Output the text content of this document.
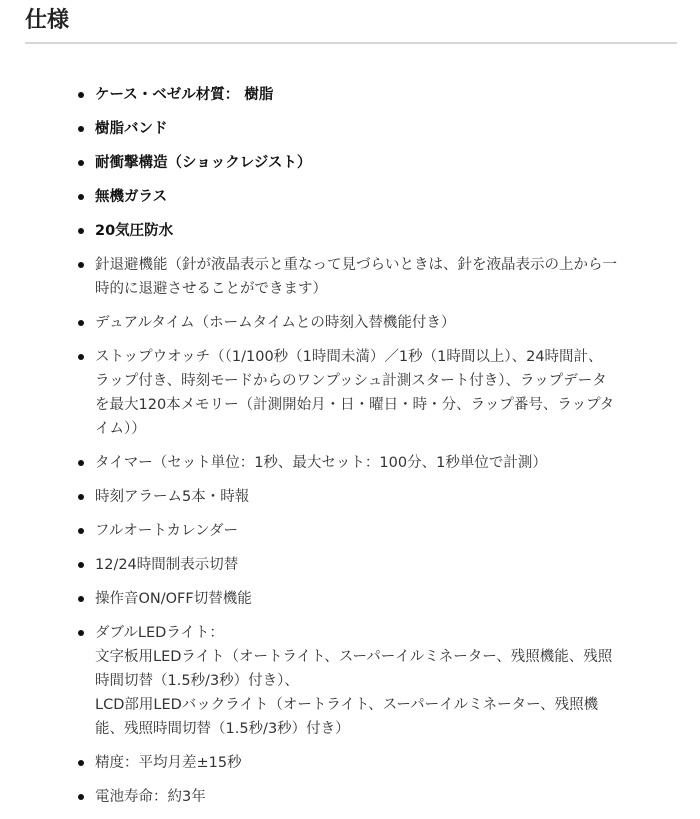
仕様
ケース・ベゼル材質： 樹脂
樹脂バンド
耐衝撃構造（ショックレジスト）
無機ガラス
20気圧防水
針退避機能（針が液晶表示と重なって見づらいときは、針を液晶表示の上から一
時的に退避させることができます）
デュアルタイム（ホームタイムとの時刻入替機能付き）
ストップウオッチ（（1/100秒（1時間未満）／1秒（1時間以上）、24時間計、
ラップ付き、時刻モードからのワンプッシュ計測スタート付き）、ラップデータ
を最大120本メモリー（計測開始月・日・曜日・時・分、ラップ番号、ラップタ
イム））
タイマー（セット単位：1秒、最大セット：100分、1秒単位で計測）
時刻アラーム5本・時報
フルオートカレンダー
12/24時間制表示切替
操作音ON/OFF切替機能
ダブルLEDライト：
文字板用LEDライト（オートライト、スーパーイルミネーター、残照機能、残照
時間切替（1.5秒/3秒）付き）、
LCD部用LEDバックライト（オートライト、スーパーイルミネーター、残照機
能、残照時間切替（1.5秒/3秒）付き）
精度：平均月差±15秒
電池寿命：約3年
